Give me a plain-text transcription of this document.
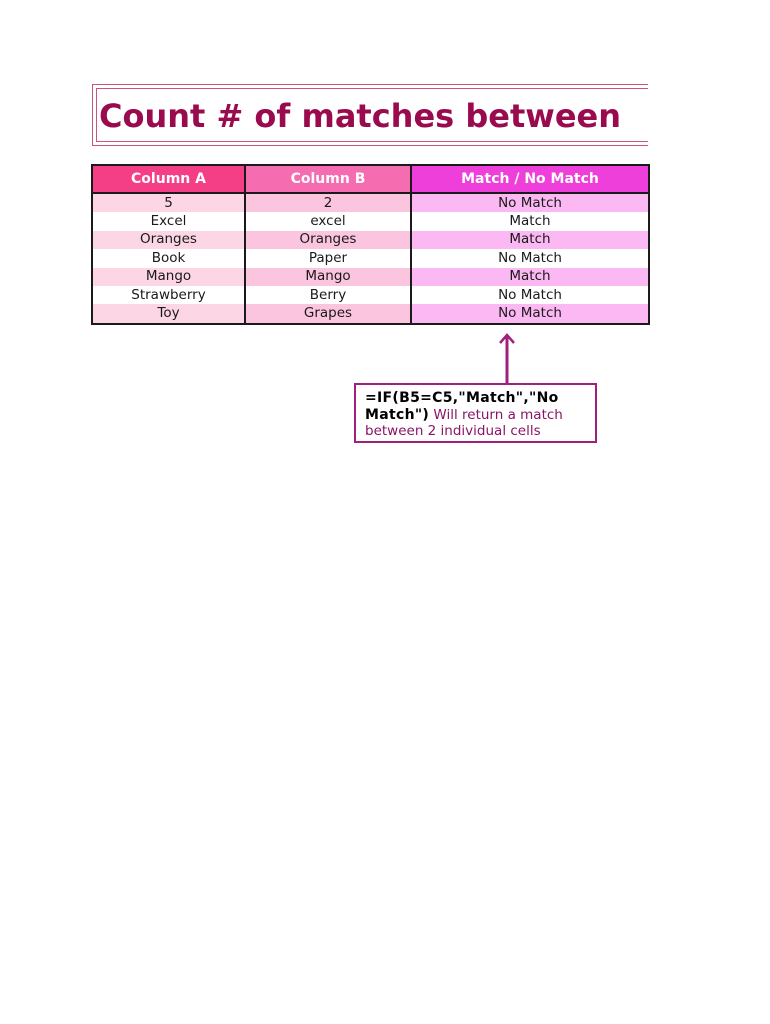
Count # of matches between
Column A	Column B	Match / No Match
5	2	No Match
Excel	excel	Match
Oranges	Oranges	Match
Book	Paper	No Match
Mango	Mango	Match
Strawberry	Berry	No Match
Toy	Grapes	No Match
=IF(B5=C5,"Match","No Match") Will return a match between 2 individual cells
